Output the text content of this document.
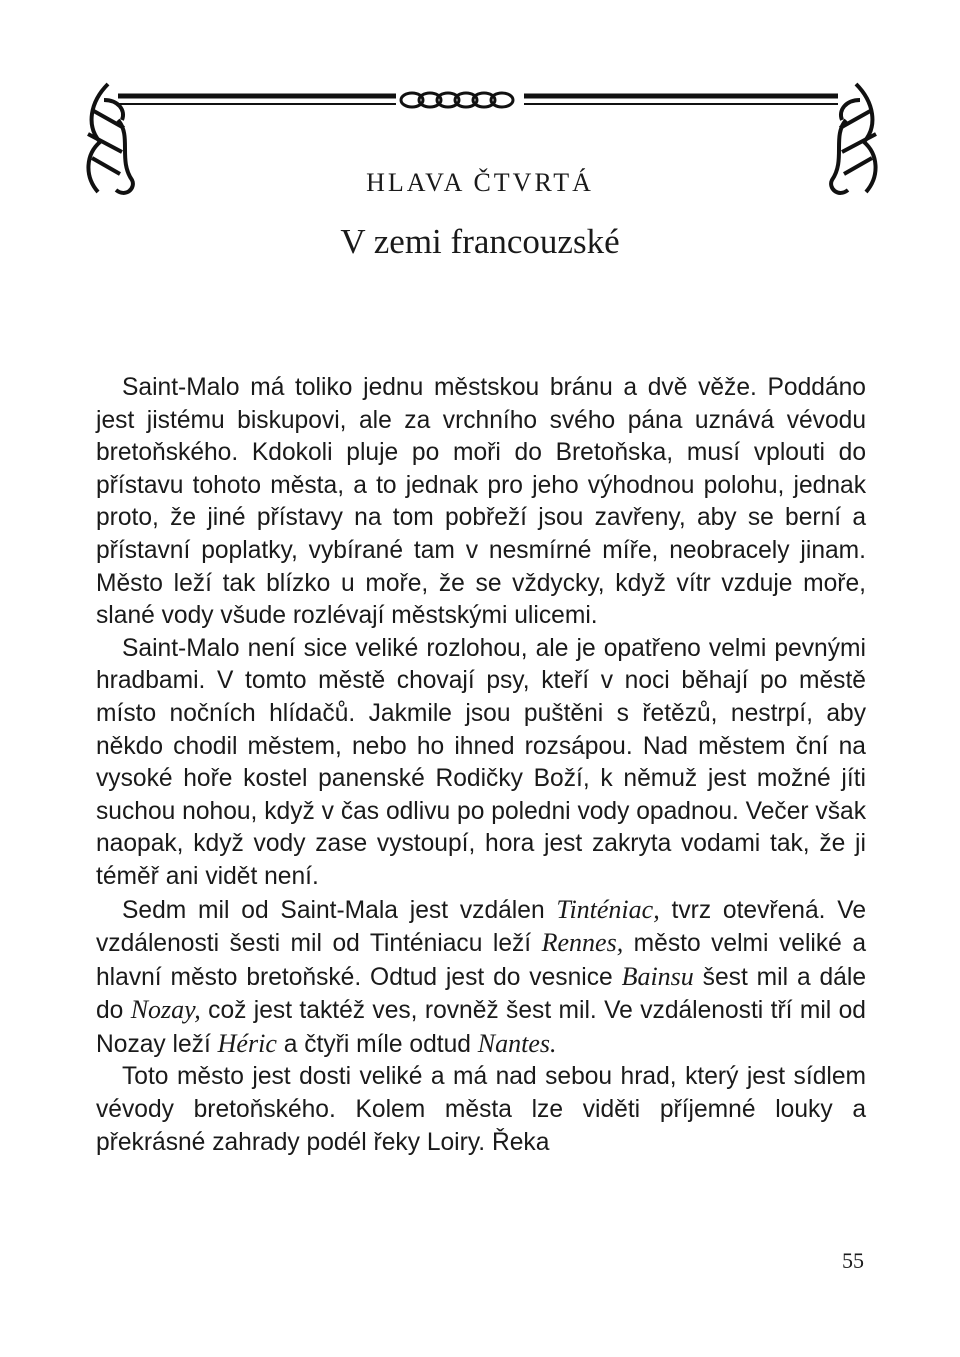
HLAVA ČTVRTÁ
V zemi francouzské

Saint-Malo má toliko jednu městskou bránu a dvě věže. Poddáno jest jistému biskupovi, ale za vrchního svého pána uznává vévodu bretoňského. Kdokoli pluje po moři do Bretoňska, musí vplouti do přístavu tohoto města, a to jednak pro jeho výhodnou polohu, jednak proto, že jiné přístavy na tom pobřeží jsou zavřeny, aby se berní a přístavní poplatky, vybírané tam v nesmírné míře, neobracely jinam. Město leží tak blízko u moře, že se vždycky, když vítr vzduje moře, slané vody všude rozlévají městskými ulicemi.

Saint-Malo není sice veliké rozlohou, ale je opatřeno velmi pevnými hradbami. V tomto městě chovají psy, kteří v noci běhají po městě místo nočních hlídačů. Jakmile jsou puštěni s řetězů, nestrpí, aby někdo chodil městem, nebo ho ihned rozsápou. Nad městem ční na vysoké hoře kostel panenské Rodičky Boží, k němuž jest možné jíti suchou nohou, když v čas odlivu po poledni vody opadnou. Večer však naopak, když vody zase vystoupí, hora jest zakryta vodami tak, že ji téměř ani vidět není.

Sedm mil od Saint-Mala jest vzdálen Tinténiac, tvrz otevřená. Ve vzdálenosti šesti mil od Tinténiacu leží Rennes, město velmi veliké a hlavní město bretoňské. Odtud jest do vesnice Bainsu šest mil a dále do Nozay, což jest taktéž ves, rovněž šest mil. Ve vzdálenosti tří mil od Nozay leží Héric a čtyři míle odtud Nantes.

Toto město jest dosti veliké a má nad sebou hrad, který jest sídlem vévody bretoňského. Kolem města lze viděti příjemné louky a překrásné zahrady podél řeky Loiry. Řeka

55
